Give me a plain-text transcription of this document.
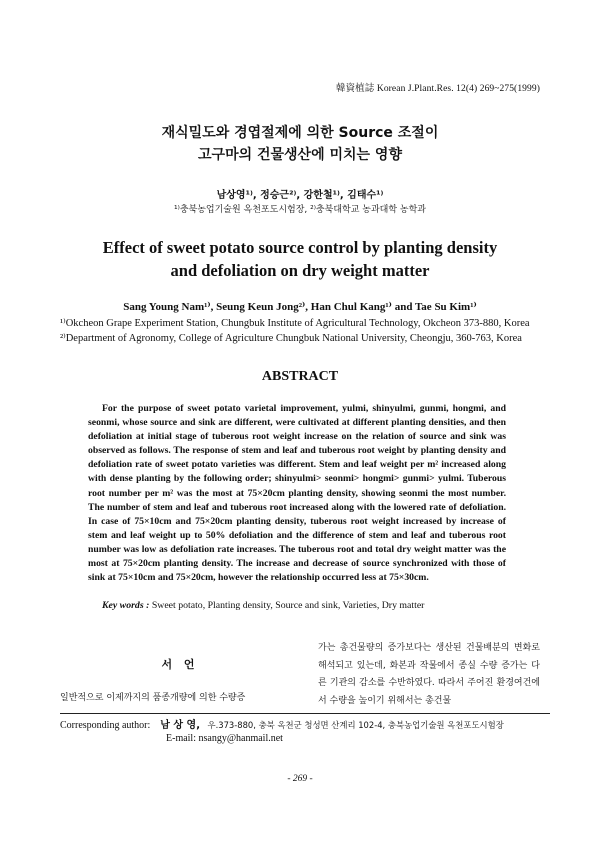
韓資植誌 Korean J.Plant.Res. 12(4) 269~275(1999)
재식밀도와 경엽절제에 의한 Source 조절이
고구마의 건물생산에 미치는 영향
남상영¹⁾, 정승근²⁾, 강한철¹⁾, 김태수¹⁾
¹⁾충북농업기술원 옥천포도시험장, ²⁾충북대학교 농과대학 농학과
Effect of sweet potato source control by planting density
and defoliation on dry weight matter
Sang Young Nam¹⁾, Seung Keun Jong²⁾, Han Chul Kang¹⁾ and Tae Su Kim¹⁾
¹⁾Okcheon Grape Experiment Station, Chungbuk Institute of Agricultural Technology, Okcheon 373-880, Korea
²⁾Department of Agronomy, College of Agriculture Chungbuk National University, Cheongju, 360-763, Korea
ABSTRACT
For the purpose of sweet potato varietal improvement, yulmi, shinyulmi, gunmi, hongmi, and seonmi, whose source and sink are different, were cultivated at different planting densities, and then defoliation at initial stage of tuberous root weight increase on the relation of source and sink was observed as follows. The response of stem and leaf and tuberous root weight by planting density and defoliation rate of sweet potato varieties was different. Stem and leaf weight per m² increased along with dense planting by the following order; shinyulmi> seonmi> hongmi> gunmi> yulmi. Tuberous root number per m² was the most at 75×20cm planting density, showing seonmi the most number. The number of stem and leaf and tuberous root increased along with the lowered rate of defoliation. In case of 75×10cm and 75×20cm planting density, tuberous root weight increased by increase of stem and leaf weight up to 50% defoliation and the difference of stem and leaf and tuberous root number was low as defoliation rate increases. The tuberous root and total dry weight matter was the most at 75×20cm planting density. The increase and decrease of source synchronized with those of sink at 75×10cm and 75×20cm, however the relationship occurred less at 75×30cm.
Key words : Sweet potato, Planting density, Source and sink, Varieties, Dry matter
서 언
일반적으로 이제까지의 품종개량에 의한 수량증
가는 총건물량의 증가보다는 생산된 건물배분의 변화로 해석되고 있는데, 화본과 작물에서 종실 수량 증가는 다른 기관의 감소를 수반하였다. 따라서 주어진 환경여건에서 수량을 높이기 위해서는 총건물
Corresponding author: 남 상 영, 우.373-880, 충북 옥천군 청성면 산계리 102-4, 충북농업기술원 옥천포도시험장
E-mail: nsangy@hanmail.net
- 269 -
